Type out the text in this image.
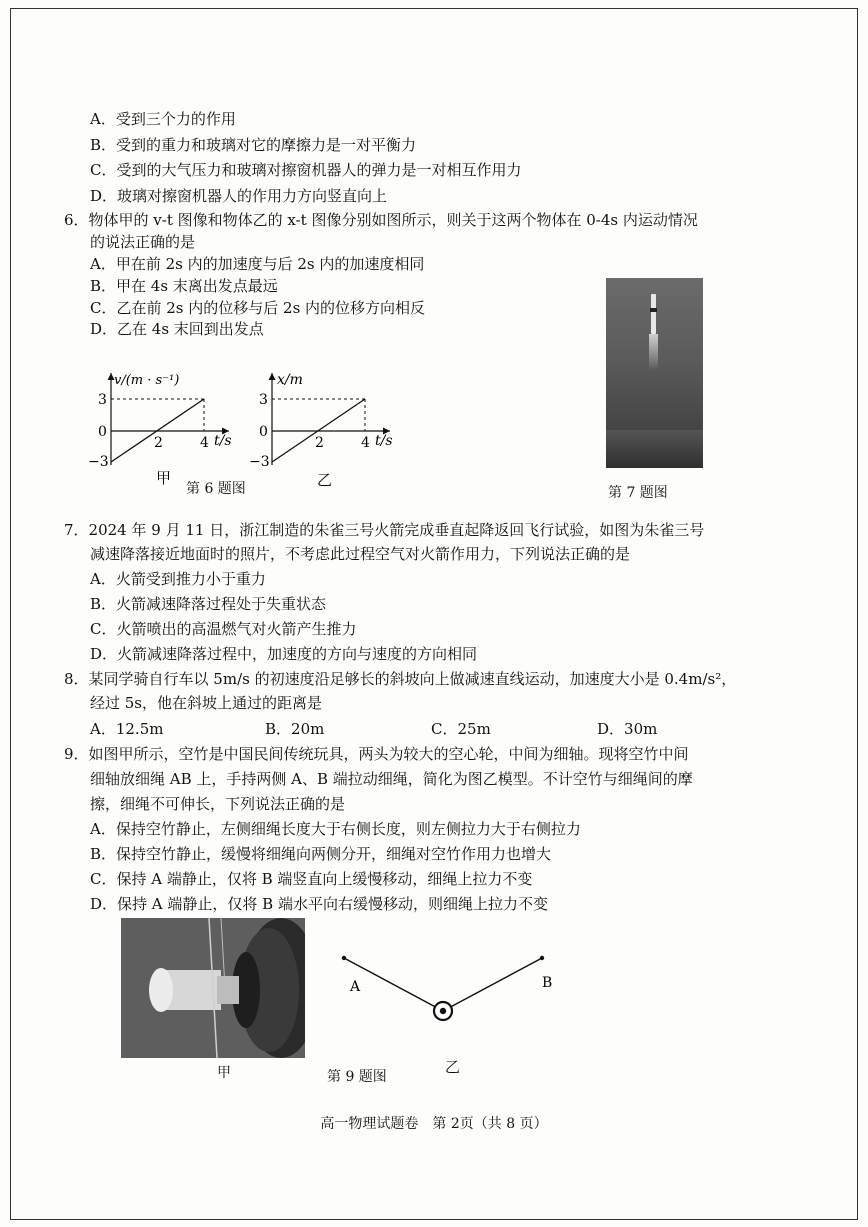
A．受到三个力的作用
B．受到的重力和玻璃对它的摩擦力是一对平衡力
C．受到的大气压力和玻璃对擦窗机器人的弹力是一对相互作用力
D．玻璃对擦窗机器人的作用力方向竖直向上
6．物体甲的 v-t 图像和物体乙的 x-t 图像分别如图所示，则关于这两个物体在 0-4s 内运动情况
的说法正确的是
A．甲在前 2s 内的加速度与后 2s 内的加速度相同
B．甲在 4s 末离出发点最远
C．乙在前 2s 内的位移与后 2s 内的位移方向相反
D．乙在 4s 末回到出发点
v/(m · s⁻¹)
3
0
−3
2	4 t/s
甲
x/m
3
0
−3
2	4 t/s
乙
第 6 题图	第 7 题图
7．2024 年 9 月 11 日，浙江制造的朱雀三号火箭完成垂直起降返回飞行试验，如图为朱雀三号
减速降落接近地面时的照片，不考虑此过程空气对火箭作用力，下列说法正确的是
A．火箭受到推力小于重力
B．火箭减速降落过程处于失重状态
C．火箭喷出的高温燃气对火箭产生推力
D．火箭减速降落过程中，加速度的方向与速度的方向相同
8．某同学骑自行车以 5m/s 的初速度沿足够长的斜坡向上做减速直线运动，加速度大小是 0.4m/s²，
经过 5s，他在斜坡上通过的距离是
A．12.5m	B．20m	C．25m	D．30m
9．如图甲所示，空竹是中国民间传统玩具，两头为较大的空心轮，中间为细轴。现将空竹中间
细轴放细绳 AB 上，手持两侧 A、B 端拉动细绳，简化为图乙模型。不计空竹与细绳间的摩
擦，细绳不可伸长，下列说法正确的是
A．保持空竹静止，左侧细绳长度大于右侧长度，则左侧拉力大于右侧拉力
B．保持空竹静止，缓慢将细绳向两侧分开，细绳对空竹作用力也增大
C．保持 A 端静止，仅将 B 端竖直向上缓慢移动，细绳上拉力不变
D．保持 A 端静止，仅将 B 端水平向右缓慢移动，则细绳上拉力不变
甲
A	B
第 9 题图
乙
高一物理试题卷　第 2页（共 8 页）
